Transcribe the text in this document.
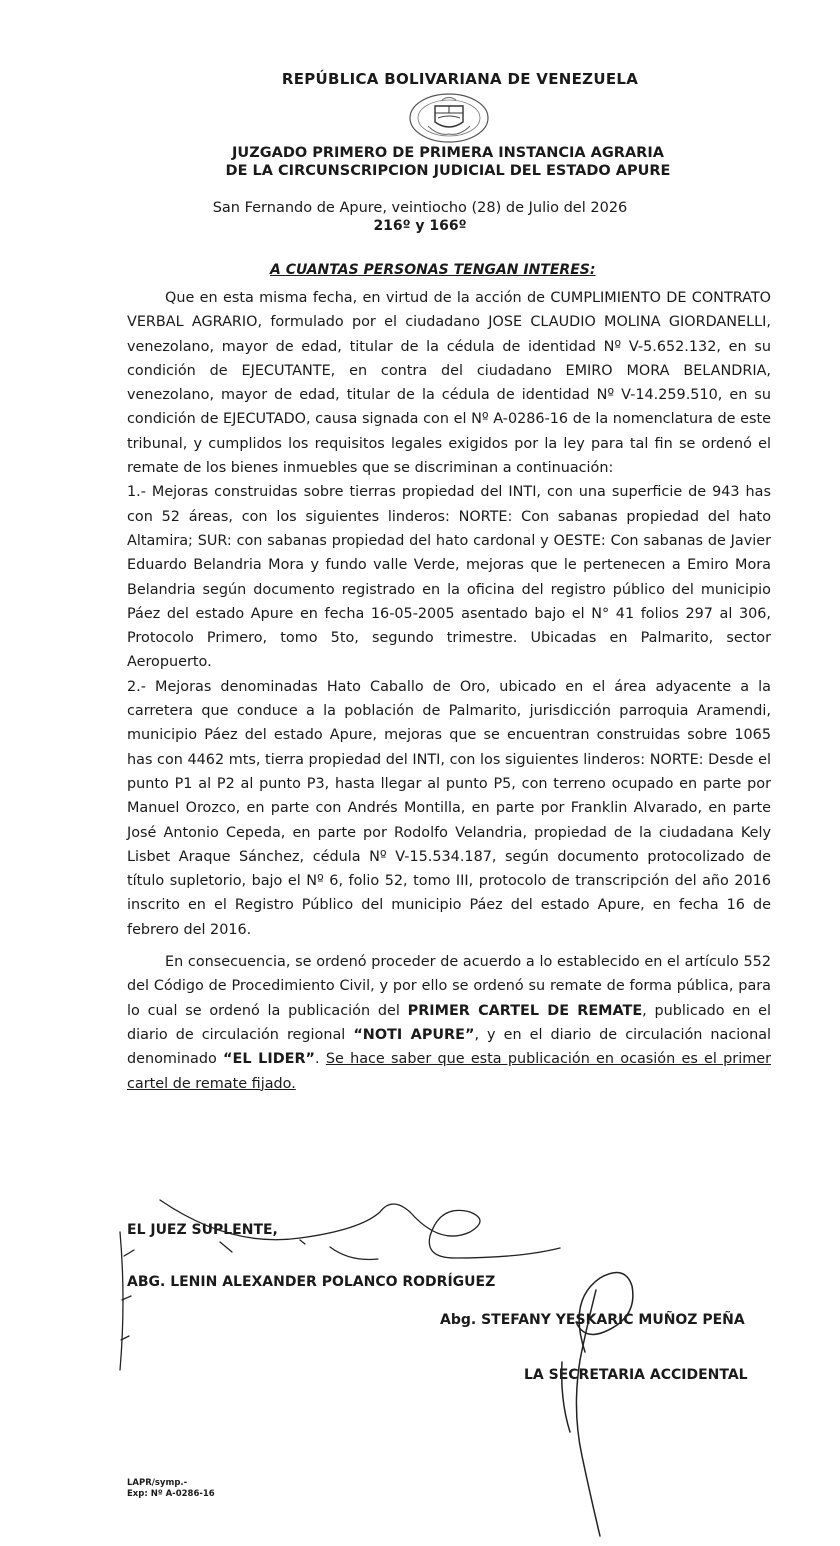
REPÚBLICA BOLIVARIANA DE VENEZUELA
JUZGADO PRIMERO DE PRIMERA INSTANCIA AGRARIA
DE LA CIRCUNSCRIPCION JUDICIAL DEL ESTADO APURE
San Fernando de Apure, veintiocho (28) de Julio del 2026
216º y 166º
A CUANTAS PERSONAS TENGAN INTERES:

Que en esta misma fecha, en virtud de la acción de CUMPLIMIENTO DE CONTRATO VERBAL AGRARIO, formulado por el ciudadano JOSE CLAUDIO MOLINA GIORDANELLI, venezolano, mayor de edad, titular de la cédula de identidad Nº V-5.652.132, en su condición de EJECUTANTE, en contra del ciudadano EMIRO MORA BELANDRIA, venezolano, mayor de edad, titular de la cédula de identidad Nº V-14.259.510, en su condición de EJECUTADO, causa signada con el Nº A-0286-16 de la nomenclatura de este tribunal, y cumplidos los requisitos legales exigidos por la ley para tal fin se ordenó el remate de los bienes inmuebles que se discriminan a continuación:

1.- Mejoras construidas sobre tierras propiedad del INTI, con una superficie de 943 has con 52 áreas, con los siguientes linderos: NORTE: Con sabanas propiedad del hato Altamira; SUR: con sabanas propiedad del hato cardonal y OESTE: Con sabanas de Javier Eduardo Belandria Mora y fundo valle Verde, mejoras que le pertenecen a Emiro Mora Belandria según documento registrado en la oficina del registro público del municipio Páez del estado Apure en fecha 16-05-2005 asentado bajo el N° 41 folios 297 al 306, Protocolo Primero, tomo 5to, segundo trimestre. Ubicadas en Palmarito, sector Aeropuerto.

2.- Mejoras denominadas Hato Caballo de Oro, ubicado en el área adyacente a la carretera que conduce a la población de Palmarito, jurisdicción parroquia Aramendi, municipio Páez del estado Apure, mejoras que se encuentran construidas sobre 1065 has con 4462 mts, tierra propiedad del INTI, con los siguientes linderos: NORTE: Desde el punto P1 al P2 al punto P3, hasta llegar al punto P5, con terreno ocupado en parte por Manuel Orozco, en parte con Andrés Montilla, en parte por Franklin Alvarado, en parte José Antonio Cepeda, en parte por Rodolfo Velandria, propiedad de la ciudadana Kely Lisbet Araque Sánchez, cédula Nº V-15.534.187, según documento protocolizado de título supletorio, bajo el Nº 6, folio 52, tomo III, protocolo de transcripción del año 2016 inscrito en el Registro Público del municipio Páez del estado Apure, en fecha 16 de febrero del 2016.

En consecuencia, se ordenó proceder de acuerdo a lo establecido en el artículo 552 del Código de Procedimiento Civil, y por ello se ordenó su remate de forma pública, para lo cual se ordenó la publicación del PRIMER CARTEL DE REMATE, publicado en el diario de circulación regional “NOTI APURE”, y en el diario de circulación nacional denominado “EL LIDER”. Se hace saber que esta publicación en ocasión es el primer cartel de remate fijado.

EL JUEZ SUPLENTE,
ABG. LENIN ALEXANDER POLANCO RODRÍGUEZ
Abg. STEFANY YESKARIC MUÑOZ PEÑA
LA SECRETARIA ACCIDENTAL
LAPR/symp.-
Exp: Nº A-0286-16
